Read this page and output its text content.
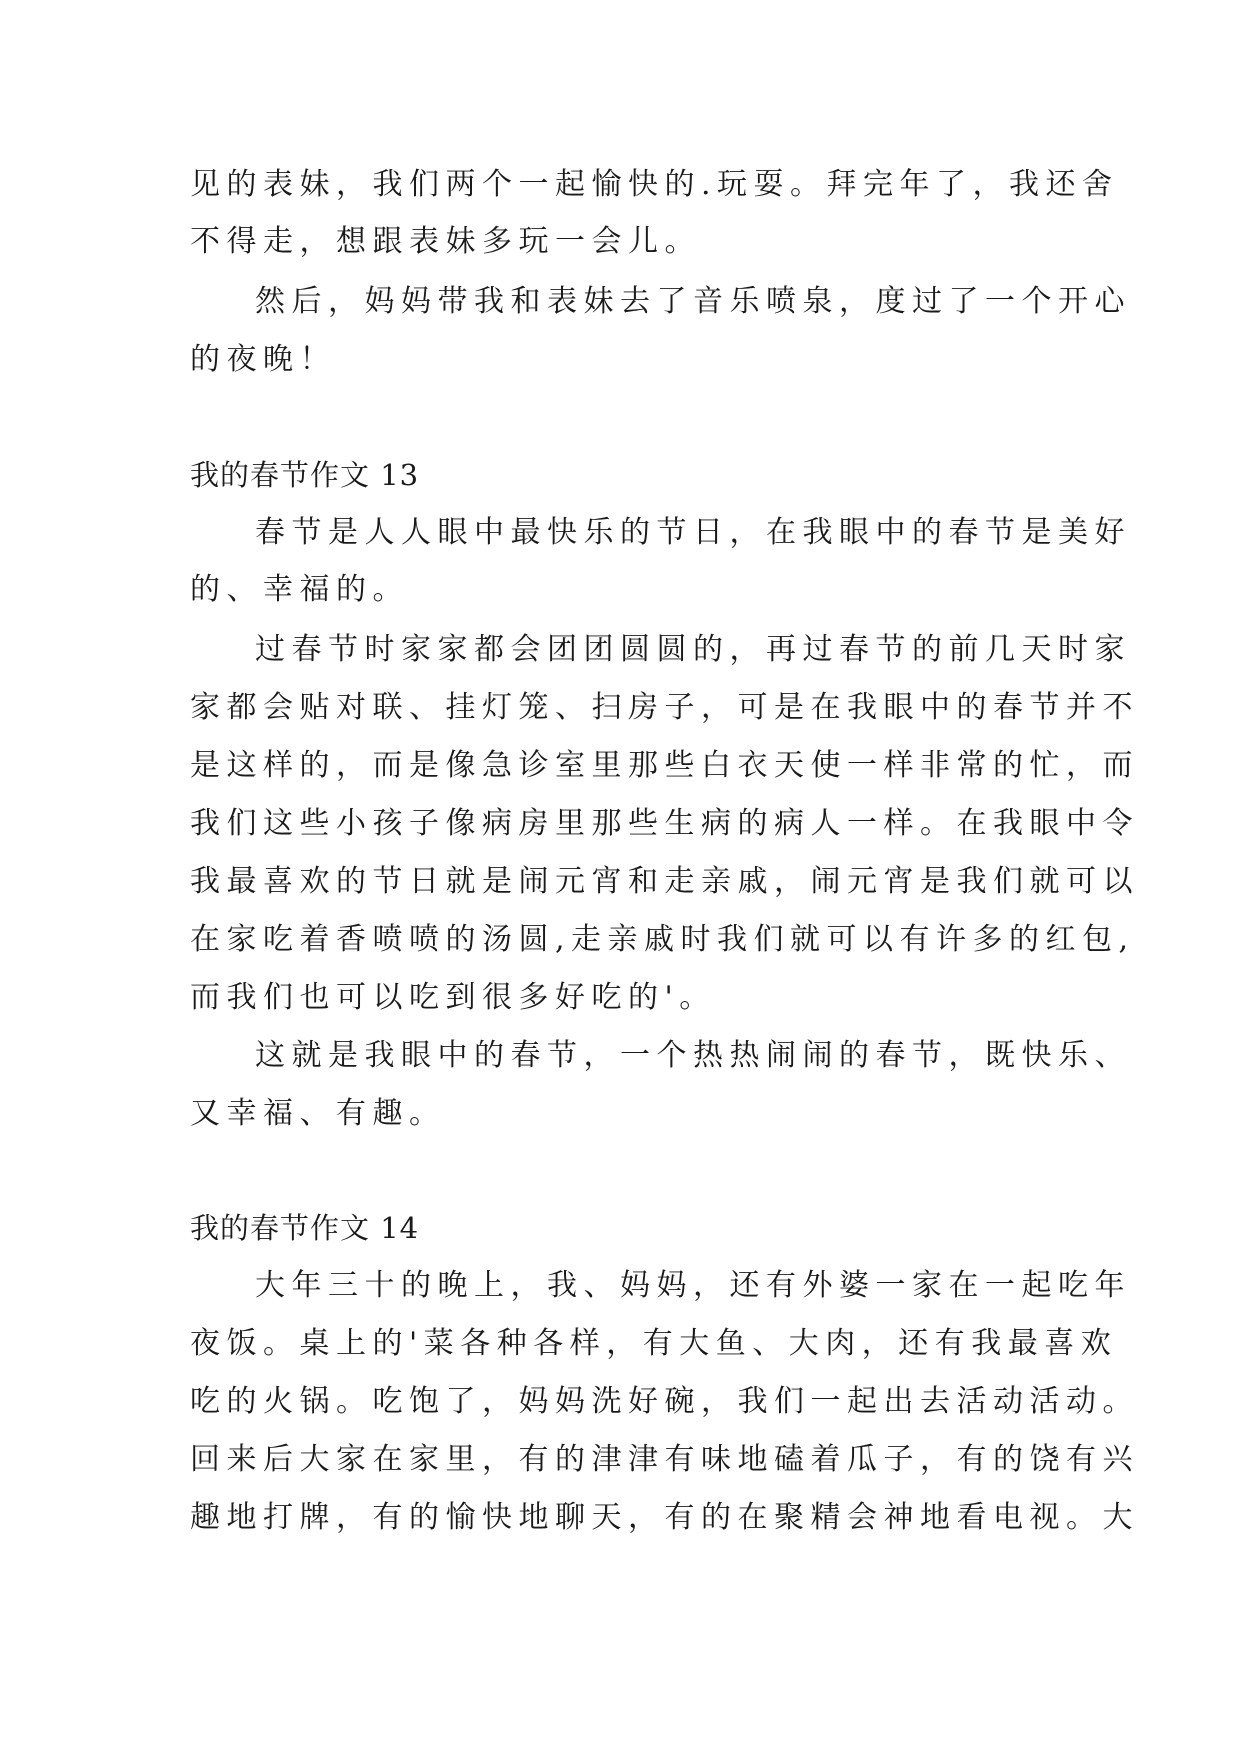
见的表妹，我们两个一起愉快的.玩耍。拜完年了，我还舍
不得走，想跟表妹多玩一会儿。
然后，妈妈带我和表妹去了音乐喷泉，度过了一个开心
的夜晚！
我的春节作文 13
春节是人人眼中最快乐的节日，在我眼中的春节是美好
的、幸福的。
过春节时家家都会团团圆圆的，再过春节的前几天时家
家都会贴对联、挂灯笼、扫房子，可是在我眼中的春节并不
是这样的，而是像急诊室里那些白衣天使一样非常的忙，而
我们这些小孩子像病房里那些生病的病人一样。在我眼中令
我最喜欢的节日就是闹元宵和走亲戚，闹元宵是我们就可以
在家吃着香喷喷的汤圆,走亲戚时我们就可以有许多的红包,
而我们也可以吃到很多好吃的'。
这就是我眼中的春节，一个热热闹闹的春节，既快乐、
又幸福、有趣。
我的春节作文 14
大年三十的晚上，我、妈妈，还有外婆一家在一起吃年
夜饭。桌上的'菜各种各样，有大鱼、大肉，还有我最喜欢
吃的火锅。吃饱了，妈妈洗好碗，我们一起出去活动活动。
回来后大家在家里，有的津津有味地磕着瓜子，有的饶有兴
趣地打牌，有的愉快地聊天，有的在聚精会神地看电视。大
